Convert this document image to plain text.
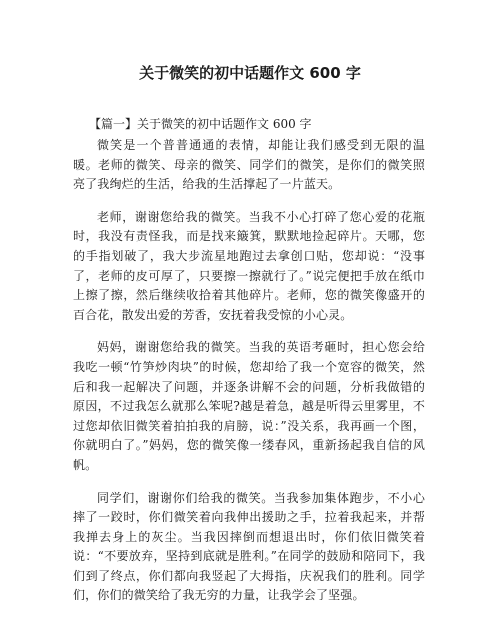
关于微笑的初中话题作文 600 字

【篇一】关于微笑的初中话题作文 600 字

微笑是一个普普通通的表情，却能让我们感受到无限的温暖。老师的微笑、母亲的微笑、同学们的微笑，是你们的微笑照亮了我绚烂的生活，给我的生活撑起了一片蓝天。

老师，谢谢您给我的微笑。当我不小心打碎了您心爱的花瓶时，我没有责怪我，而是找来簸箕，默默地捡起碎片。天哪，您的手指划破了，我大步流星地跑过去拿创口贴，您却说：“没事了，老师的皮可厚了，只要擦一擦就行了。”说完便把手放在纸巾上擦了擦，然后继续收拾着其他碎片。老师，您的微笑像盛开的百合花，散发出爱的芳香，安抚着我受惊的小心灵。

妈妈，谢谢您给我的微笑。当我的英语考砸时，担心您会给我吃一顿“竹笋炒肉块”的时候，您却给了我一个宽容的微笑，然后和我一起解决了问题，并逐条讲解不会的问题，分析我做错的原因，不过我怎么就那么笨呢?越是着急，越是听得云里雾里，不过您却依旧微笑着拍拍我的肩膀，说：”没关系，我再画一个图，你就明白了。”妈妈，您的微笑像一缕春风，重新扬起我自信的风帆。

同学们，谢谢你们给我的微笑。当我参加集体跑步，不小心摔了一跤时，你们微笑着向我伸出援助之手，拉着我起来，并帮我掸去身上的灰尘。当我因摔倒而想退出时，你们依旧微笑着说：“不要放弃，坚持到底就是胜利。”在同学的鼓励和陪同下，我们到了终点，你们都向我竖起了大拇指，庆祝我们的胜利。同学们，你们的微笑给了我无穷的力量，让我学会了坚强。
